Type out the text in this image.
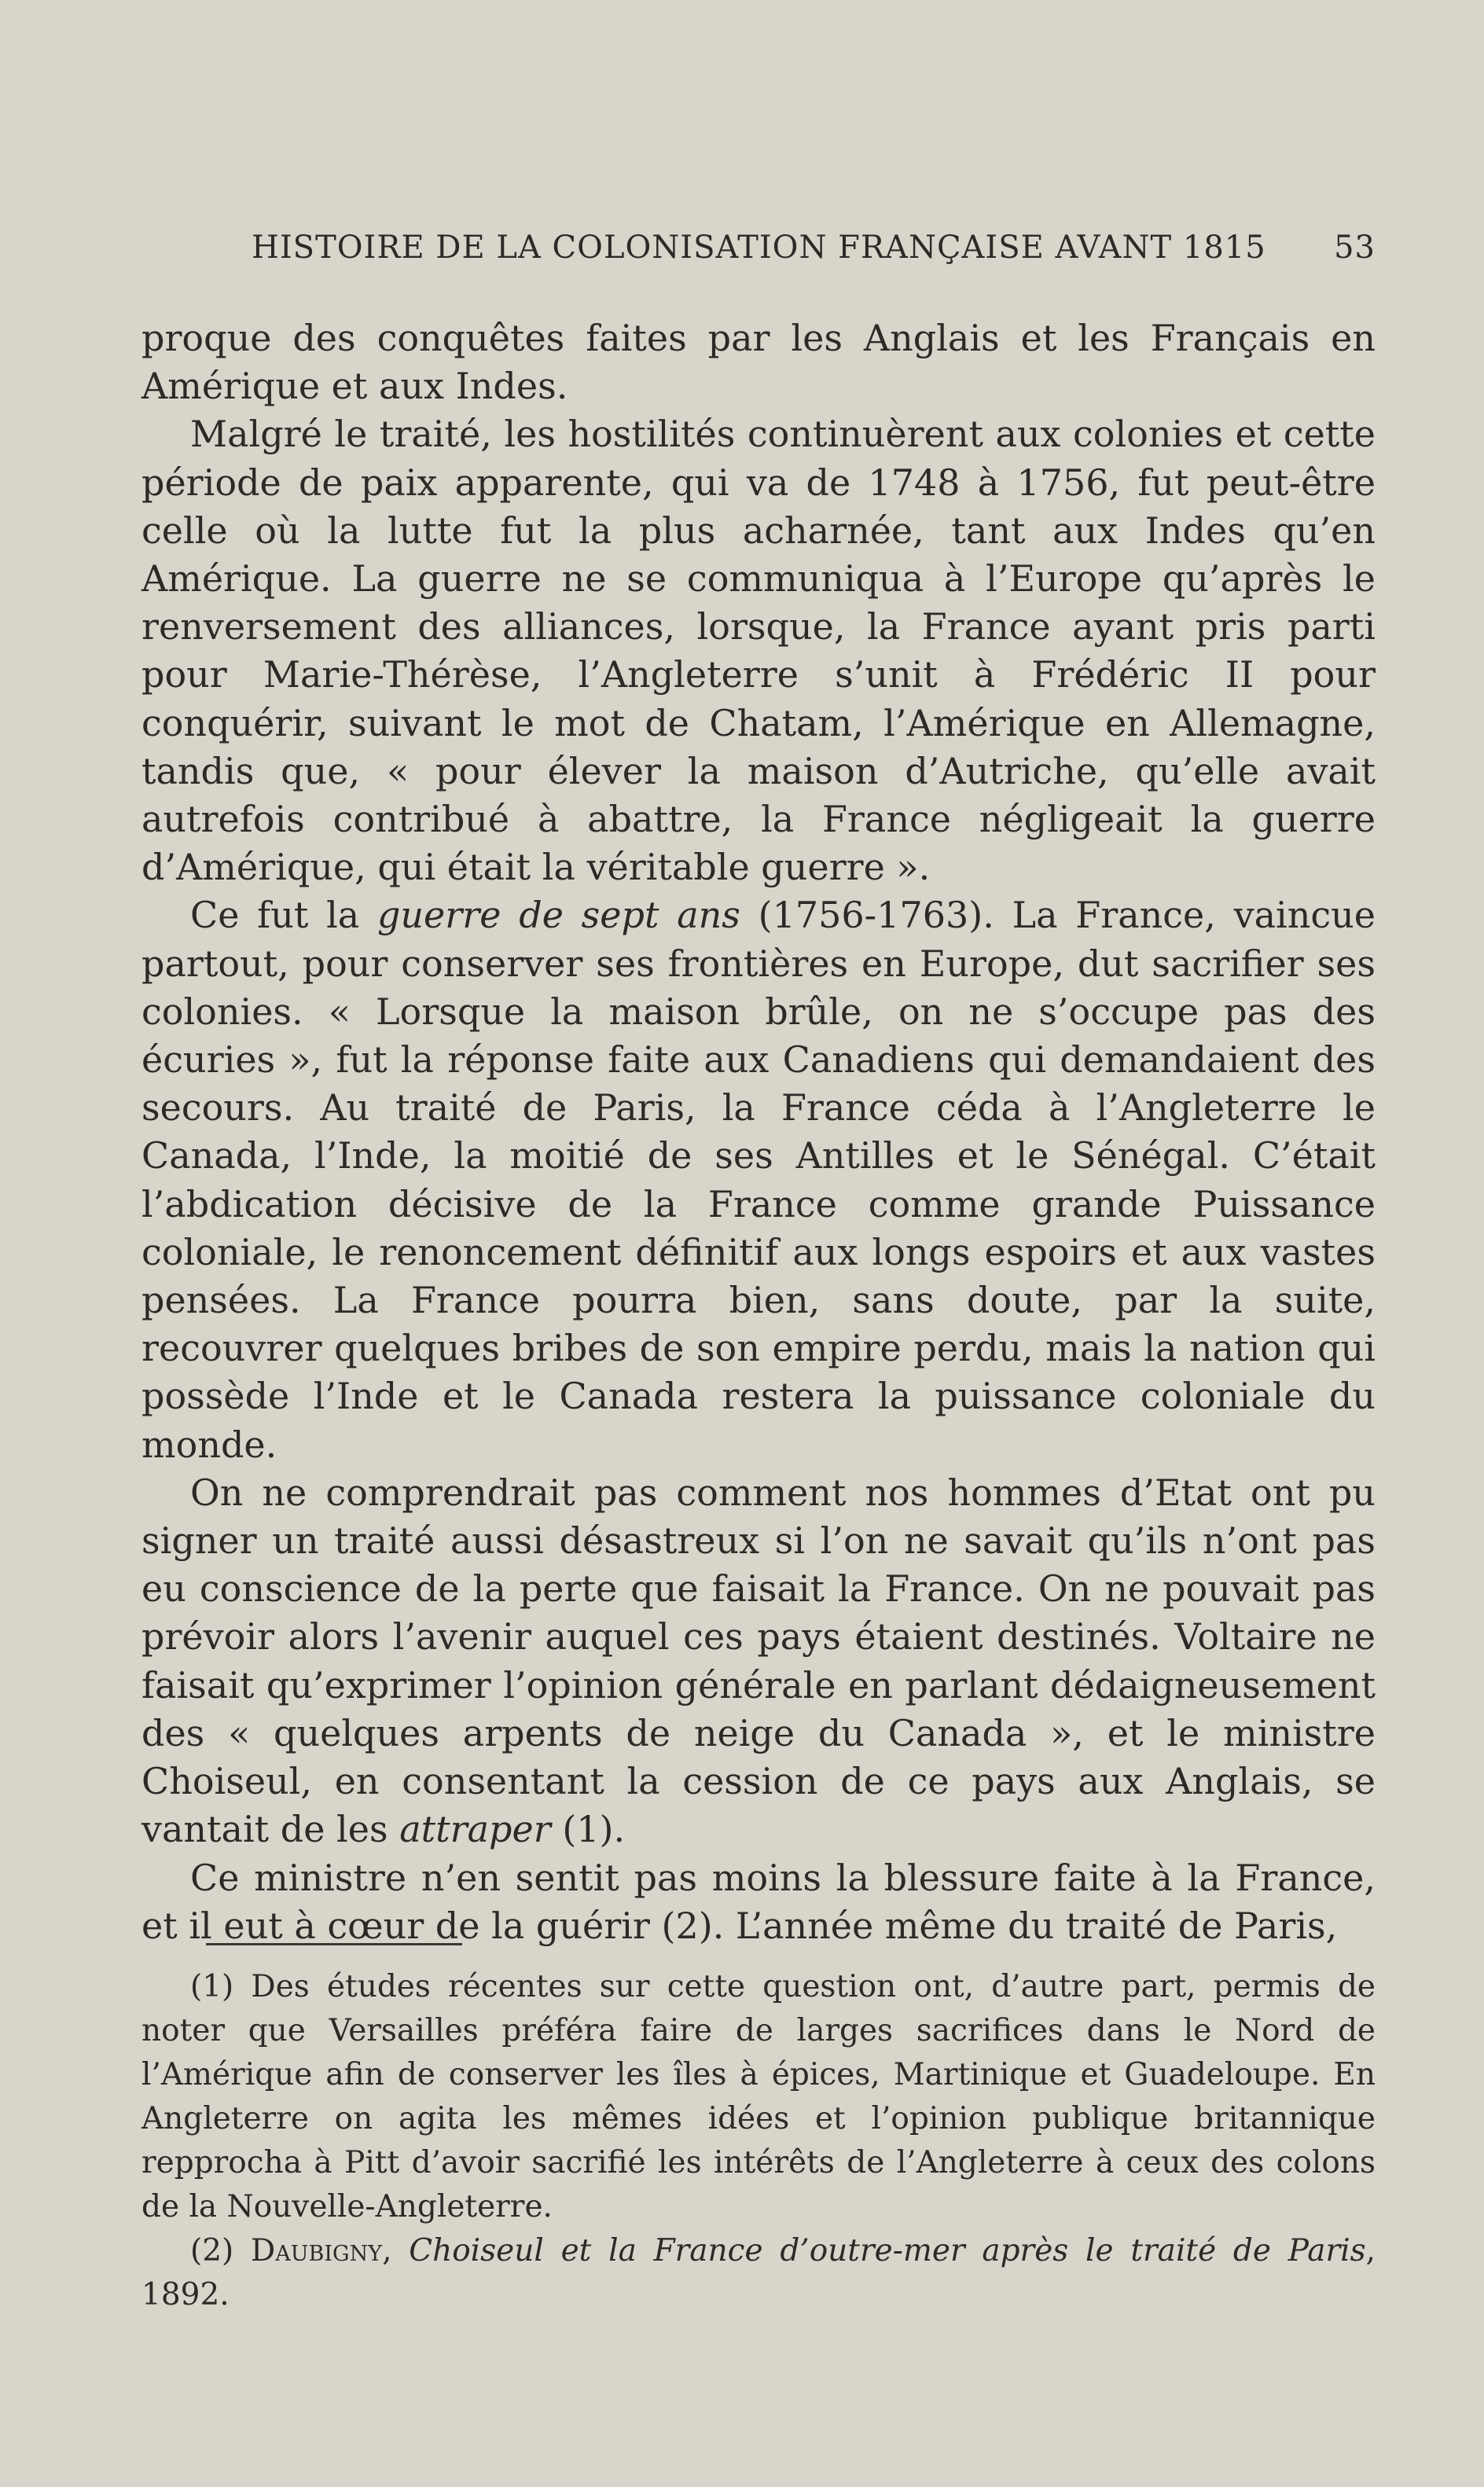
HISTOIRE DE LA COLONISATION FRANÇAISE AVANT 1815 53

proque des conquêtes faites par les Anglais et les Français en Amérique et aux Indes.

Malgré le traité, les hostilités continuèrent aux colonies et cette période de paix apparente, qui va de 1748 à 1756, fut peut-être celle où la lutte fut la plus acharnée, tant aux Indes qu’en Amérique. La guerre ne se communiqua à l’Europe qu’après le renversement des alliances, lorsque, la France ayant pris parti pour Marie-Thérèse, l’Angleterre s’unit à Frédéric II pour conquérir, suivant le mot de Chatam, l’Amérique en Allemagne, tandis que, « pour élever la maison d’Autriche, qu’elle avait autrefois contribué à abattre, la France négligeait la guerre d’Amérique, qui était la véritable guerre ».

Ce fut la guerre de sept ans (1756-1763). La France, vaincue partout, pour conserver ses frontières en Europe, dut sacrifier ses colonies. « Lorsque la maison brûle, on ne s’occupe pas des écuries », fut la réponse faite aux Canadiens qui demandaient des secours. Au traité de Paris, la France céda à l’Angleterre le Canada, l’Inde, la moitié de ses Antilles et le Sénégal. C’était l’abdication décisive de la France comme grande Puissance coloniale, le renoncement définitif aux longs espoirs et aux vastes pensées. La France pourra bien, sans doute, par la suite, recouvrer quelques bribes de son empire perdu, mais la nation qui possède l’Inde et le Canada restera la puissance coloniale du monde.

On ne comprendrait pas comment nos hommes d’Etat ont pu signer un traité aussi désastreux si l’on ne savait qu’ils n’ont pas eu conscience de la perte que faisait la France. On ne pouvait pas prévoir alors l’avenir auquel ces pays étaient destinés. Voltaire ne faisait qu’exprimer l’opinion générale en parlant dédaigneusement des « quelques arpents de neige du Canada », et le ministre Choiseul, en consentant la cession de ce pays aux Anglais, se vantait de les attraper (1).

Ce ministre n’en sentit pas moins la blessure faite à la France, et il eut à cœur de la guérir (2). L’année même du traité de Paris,

(1) Des études récentes sur cette question ont, d’autre part, permis de noter que Versailles préféra faire de larges sacrifices dans le Nord de l’Amérique afin de conserver les îles à épices, Martinique et Guadeloupe. En Angleterre on agita les mêmes idées et l’opinion publique britannique repprocha à Pitt d’avoir sacrifié les intérêts de l’Angleterre à ceux des colons de la Nouvelle-Angleterre.

(2) Daubigny, Choiseul et la France d’outre-mer après le traité de Paris, 1892.
